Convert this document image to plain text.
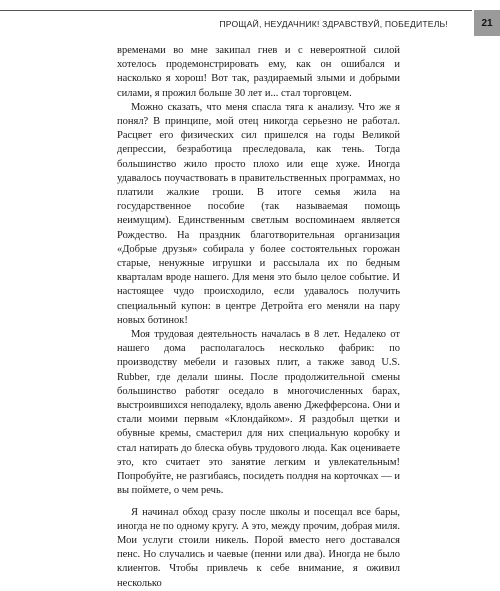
ПРОЩАЙ, НЕУДАЧНИК! ЗДРАВСТВУЙ, ПОБЕДИТЕЛЬ!	21

временами во мне закипал гнев и с невероятной силой хотелось продемонстрировать ему, как он ошибался и насколько я хорош! Вот так, раздираемый злыми и добрыми силами, я прожил больше 30 лет и... стал торговцем.

Можно сказать, что меня спасла тяга к анализу. Что же я понял? В принципе, мой отец никогда серьезно не работал. Расцвет его физических сил пришелся на годы Великой депрессии, безработица преследовала, как тень. Тогда большинство жило просто плохо или еще хуже. Иногда удавалось поучаствовать в правительственных программах, но платили жалкие гроши. В итоге семья жила на государственное пособие (так называемая помощь неимущим). Единственным светлым воспоминаем является Рождество. На праздник благотворительная организация «Добрые друзья» собирала у более состоятельных горожан старые, ненужные игрушки и рассылала их по бедным кварталам вроде нашего. Для меня это было целое событие. И настоящее чудо происходило, если удавалось получить специальный купон: в центре Детройта его меняли на пару новых ботинок!

Моя трудовая деятельность началась в 8 лет. Недалеко от нашего дома располагалось несколько фабрик: по производству мебели и газовых плит, а также завод U.S. Rubber, где делали шины. После продолжительной смены большинство работяг оседало в многочисленных барах, выстроившихся неподалеку, вдоль авеню Джефферсона. Они и стали моими первым «Клондайком». Я раздобыл щетки и обувные кремы, смастерил для них специальную коробку и стал натирать до блеска обувь трудового люда. Как оцениваете это, кто считает это занятие легким и увлекательным! Попробуйте, не разгибаясь, посидеть полдня на корточках — и вы поймете, о чем речь.

Я начинал обход сразу после школы и посещал все бары, иногда не по одному кругу. А это, между прочим, добрая миля. Мои услуги стоили никель. Порой вместо него доставался пенс. Но случались и чаевые (пенни или два). Иногда не было клиентов. Чтобы привлечь к себе внимание, я оживил несколько
